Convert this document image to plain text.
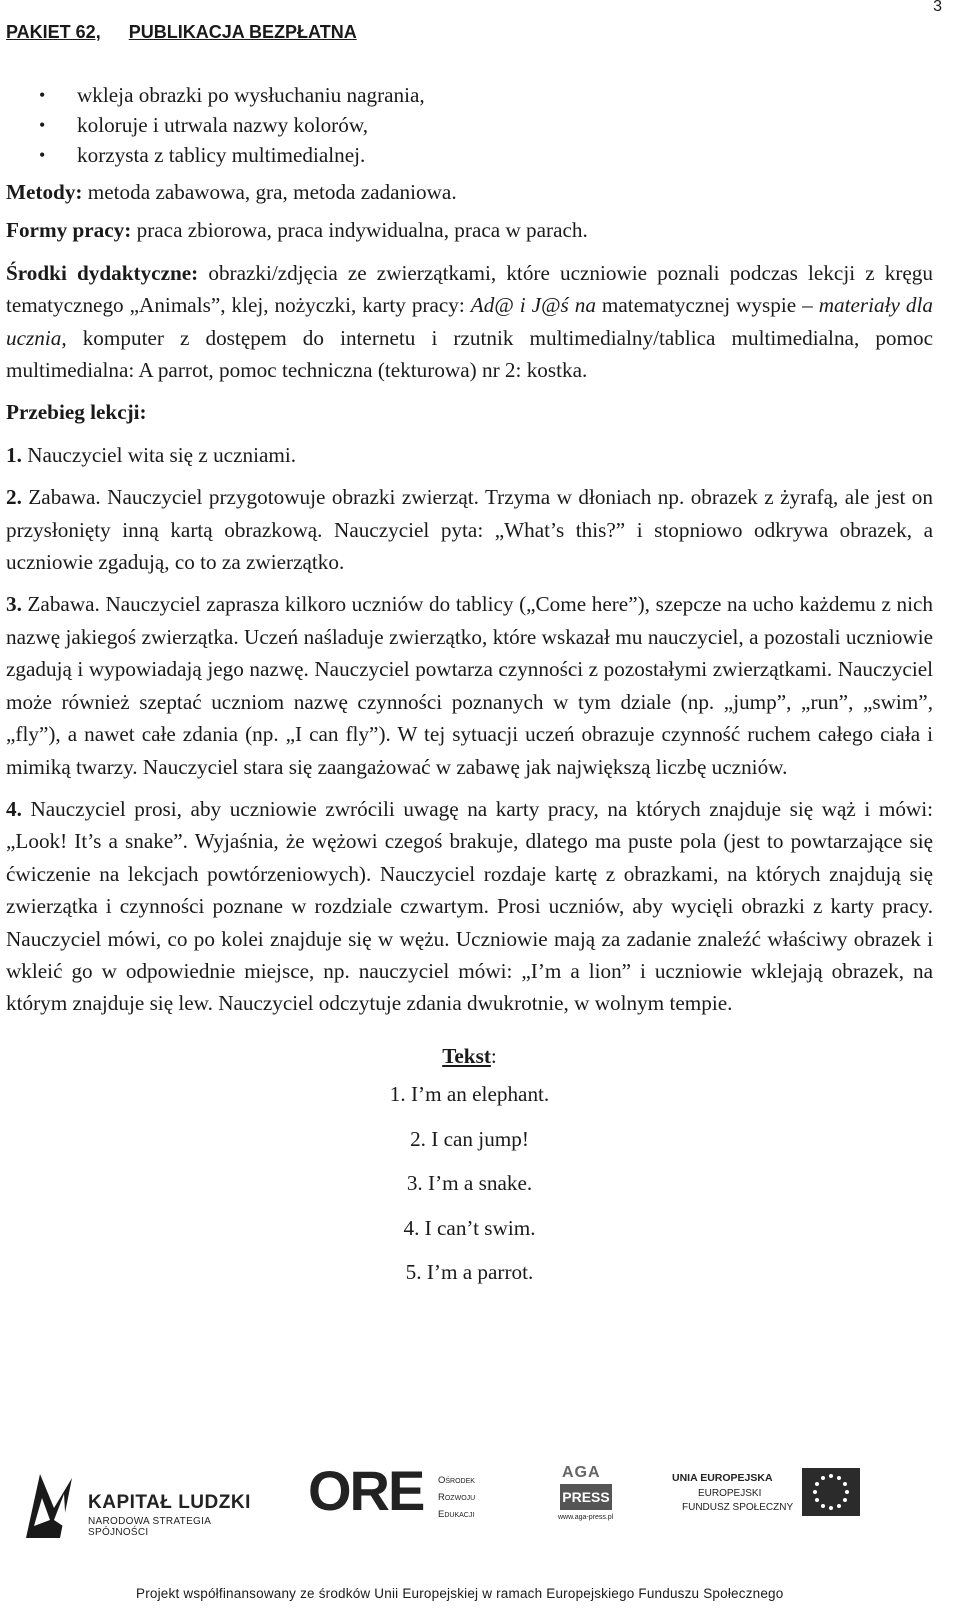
PAKIET 62, PUBLIKACJA BEZPŁATNA
3
• wkleja obrazki po wysłuchaniu nagrania,
• koloruje i utrwala nazwy kolorów,
• korzysta z tablicy multimedialnej.

Metody: metoda zabawowa, gra, metoda zadaniowa.

Formy pracy: praca zbiorowa, praca indywidualna, praca w parach.

Środki dydaktyczne: obrazki/zdjęcia ze zwierzątkami, które uczniowie poznali podczas lekcji z kręgu tematycznego „Animals”, klej, nożyczki, karty pracy: Ad@ i J@ś na matematycznej wyspie – materiały dla ucznia, komputer z dostępem do internetu i rzutnik multimedialny/tablica multimedialna, pomoc multimedialna: A parrot, pomoc techniczna (tekturowa) nr 2: kostka.

Przebieg lekcji:

1. Nauczyciel wita się z uczniami.

2. Zabawa. Nauczyciel przygotowuje obrazki zwierząt. Trzyma w dłoniach np. obrazek z żyrafą, ale jest on przysłonięty inną kartą obrazkową. Nauczyciel pyta: „What’s this?” i stopniowo odkrywa obrazek, a uczniowie zgadują, co to za zwierzątko.

3. Zabawa. Nauczyciel zaprasza kilkoro uczniów do tablicy („Come here”), szepcze na ucho każdemu z nich nazwę jakiegoś zwierzątka. Uczeń naśladuje zwierzątko, które wskazał mu nauczyciel, a pozostali uczniowie zgadują i wypowiadają jego nazwę. Nauczyciel powtarza czynności z pozostałymi zwierzątkami. Nauczyciel może również szeptać uczniom nazwę czynności poznanych w tym dziale (np. „jump”, „run”, „swim”, „fly”), a nawet całe zdania (np. „I can fly”). W tej sytuacji uczeń obrazuje czynność ruchem całego ciała i mimiką twarzy. Nauczyciel stara się zaangażować w zabawę jak największą liczbę uczniów.

4. Nauczyciel prosi, aby uczniowie zwrócili uwagę na karty pracy, na których znajduje się wąż i mówi: „Look! It’s a snake”. Wyjaśnia, że wężowi czegoś brakuje, dlatego ma puste pola (jest to powtarzające się ćwiczenie na lekcjach powtórzeniowych). Nauczyciel rozdaje kartę z obrazkami, na których znajdują się zwierzątka i czynności poznane w rozdziale czwartym. Prosi uczniów, aby wycięli obrazki z karty pracy. Nauczyciel mówi, co po kolei znajduje się w wężu. Uczniowie mają za zadanie znaleźć właściwy obrazek i wkleić go w odpowiednie miejsce, np. nauczyciel mówi: „I’m a lion” i uczniowie wklejają obrazek, na którym znajduje się lew. Nauczyciel odczytuje zdania dwukrotnie, w wolnym tempie.

Tekst:

1. I’m an elephant.

2. I can jump!

3. I’m a snake.

4. I can’t swim.

5. I’m a parrot.

KAPITAŁ LUDZKI
NARODOWA STRATEGIA SPÓJNOŚCI
ORE Ośrodek
Rozwoju
Edukacji
AGA
PRESS
www.aga-press.pl
UNIA EUROPEJSKA
EUROPEJSKI
FUNDUSZ SPOŁECZNY
Projekt współfinansowany ze środków Unii Europejskiej w ramach Europejskiego Funduszu Społecznego
